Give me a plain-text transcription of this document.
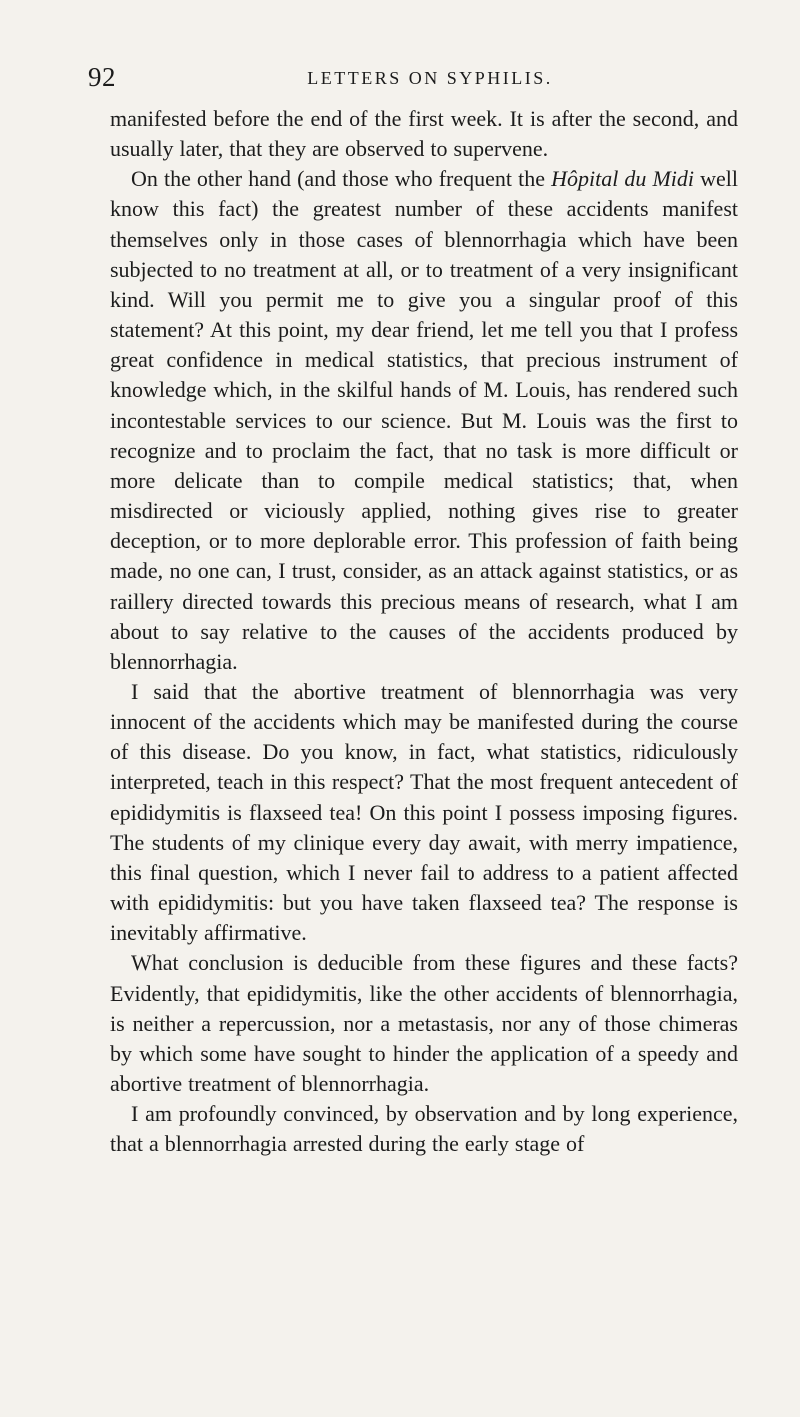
92	LETTERS ON SYPHILIS.

manifested before the end of the first week. It is after the second, and usually later, that they are observed to supervene.

On the other hand (and those who frequent the Hôpital du Midi well know this fact) the greatest number of these accidents manifest themselves only in those cases of blennorrhagia which have been subjected to no treatment at all, or to treatment of a very insignificant kind. Will you permit me to give you a singular proof of this statement? At this point, my dear friend, let me tell you that I profess great confidence in medical statistics, that precious instrument of knowledge which, in the skilful hands of M. Louis, has rendered such incontestable services to our science. But M. Louis was the first to recognize and to proclaim the fact, that no task is more difficult or more delicate than to compile medical statistics; that, when misdirected or viciously applied, nothing gives rise to greater deception, or to more deplorable error. This profession of faith being made, no one can, I trust, consider, as an attack against statistics, or as raillery directed towards this precious means of research, what I am about to say relative to the causes of the accidents produced by blennorrhagia.

I said that the abortive treatment of blennorrhagia was very innocent of the accidents which may be manifested during the course of this disease. Do you know, in fact, what statistics, ridiculously interpreted, teach in this respect? That the most frequent antecedent of epididymitis is flaxseed tea! On this point I possess imposing figures. The students of my clinique every day await, with merry impatience, this final question, which I never fail to address to a patient affected with epididymitis: but you have taken flaxseed tea? The response is inevitably affirmative.

What conclusion is deducible from these figures and these facts? Evidently, that epididymitis, like the other accidents of blennorrhagia, is neither a repercussion, nor a metastasis, nor any of those chimeras by which some have sought to hinder the application of a speedy and abortive treatment of blennorrhagia.

I am profoundly convinced, by observation and by long experience, that a blennorrhagia arrested during the early stage of
